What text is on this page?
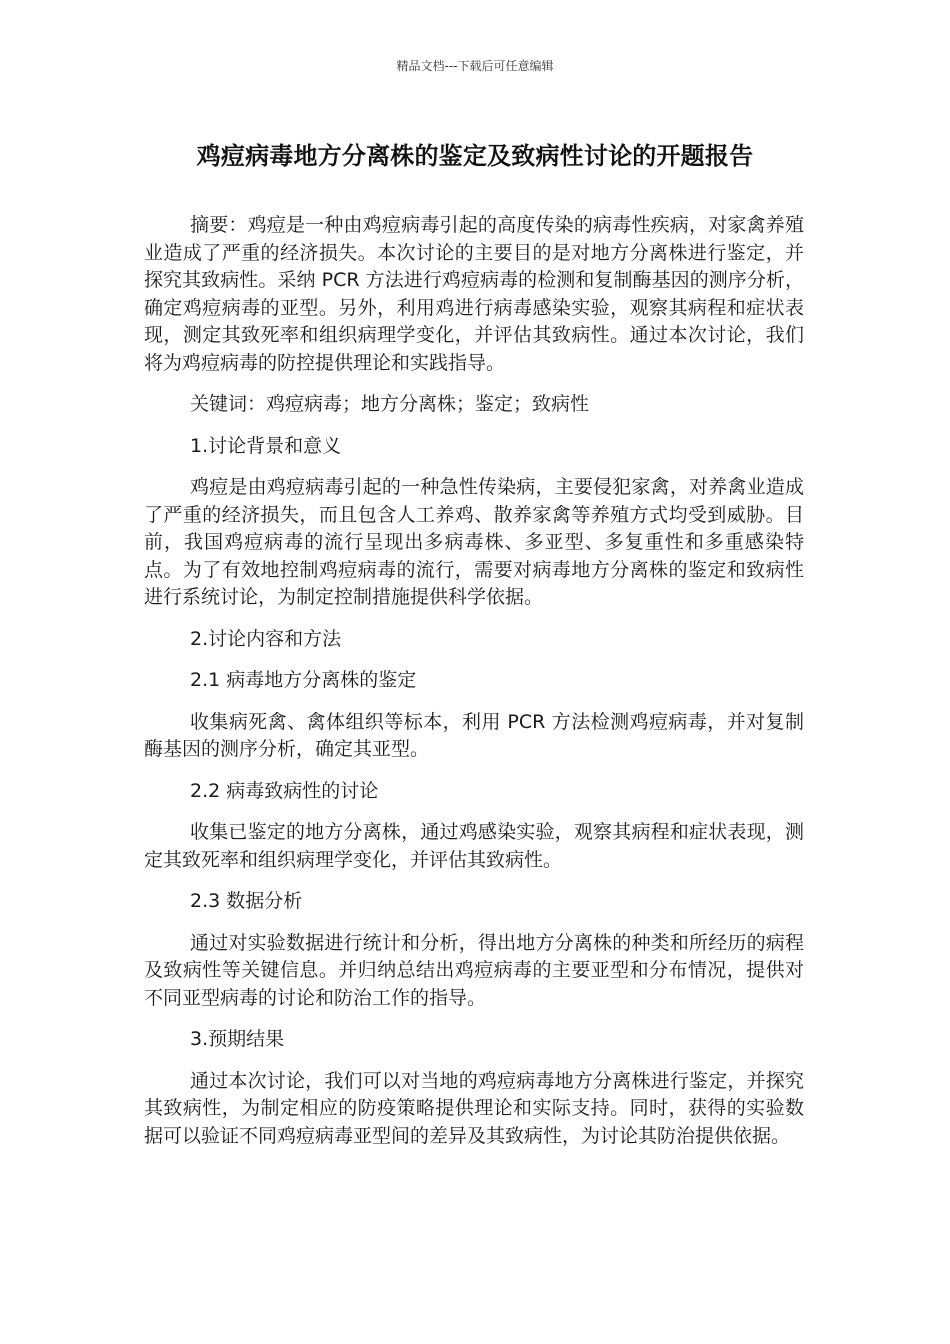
精品文档---下载后可任意编辑
鸡痘病毒地方分离株的鉴定及致病性讨论的开题报告

摘要：鸡痘是一种由鸡痘病毒引起的高度传染的病毒性疾病，对家禽养殖业造成了严重的经济损失。本次讨论的主要目的是对地方分离株进行鉴定，并探究其致病性。采纳 PCR 方法进行鸡痘病毒的检测和复制酶基因的测序分析，确定鸡痘病毒的亚型。另外，利用鸡进行病毒感染实验，观察其病程和症状表现，测定其致死率和组织病理学变化，并评估其致病性。通过本次讨论，我们将为鸡痘病毒的防控提供理论和实践指导。

关键词：鸡痘病毒；地方分离株；鉴定；致病性

1.讨论背景和意义

鸡痘是由鸡痘病毒引起的一种急性传染病，主要侵犯家禽，对养禽业造成了严重的经济损失，而且包含人工养鸡、散养家禽等养殖方式均受到威胁。目前，我国鸡痘病毒的流行呈现出多病毒株、多亚型、多复重性和多重感染特点。为了有效地控制鸡痘病毒的流行，需要对病毒地方分离株的鉴定和致病性进行系统讨论，为制定控制措施提供科学依据。

2.讨论内容和方法

2.1 病毒地方分离株的鉴定

收集病死禽、禽体组织等标本，利用 PCR 方法检测鸡痘病毒，并对复制酶基因的测序分析，确定其亚型。

2.2 病毒致病性的讨论

收集已鉴定的地方分离株，通过鸡感染实验，观察其病程和症状表现，测定其致死率和组织病理学变化，并评估其致病性。

2.3 数据分析

通过对实验数据进行统计和分析，得出地方分离株的种类和所经历的病程及致病性等关键信息。并归纳总结出鸡痘病毒的主要亚型和分布情况，提供对不同亚型病毒的讨论和防治工作的指导。

3.预期结果

通过本次讨论，我们可以对当地的鸡痘病毒地方分离株进行鉴定，并探究其致病性，为制定相应的防疫策略提供理论和实际支持。同时，获得的实验数据可以验证不同鸡痘病毒亚型间的差异及其致病性，为讨论其防治提供依据。
